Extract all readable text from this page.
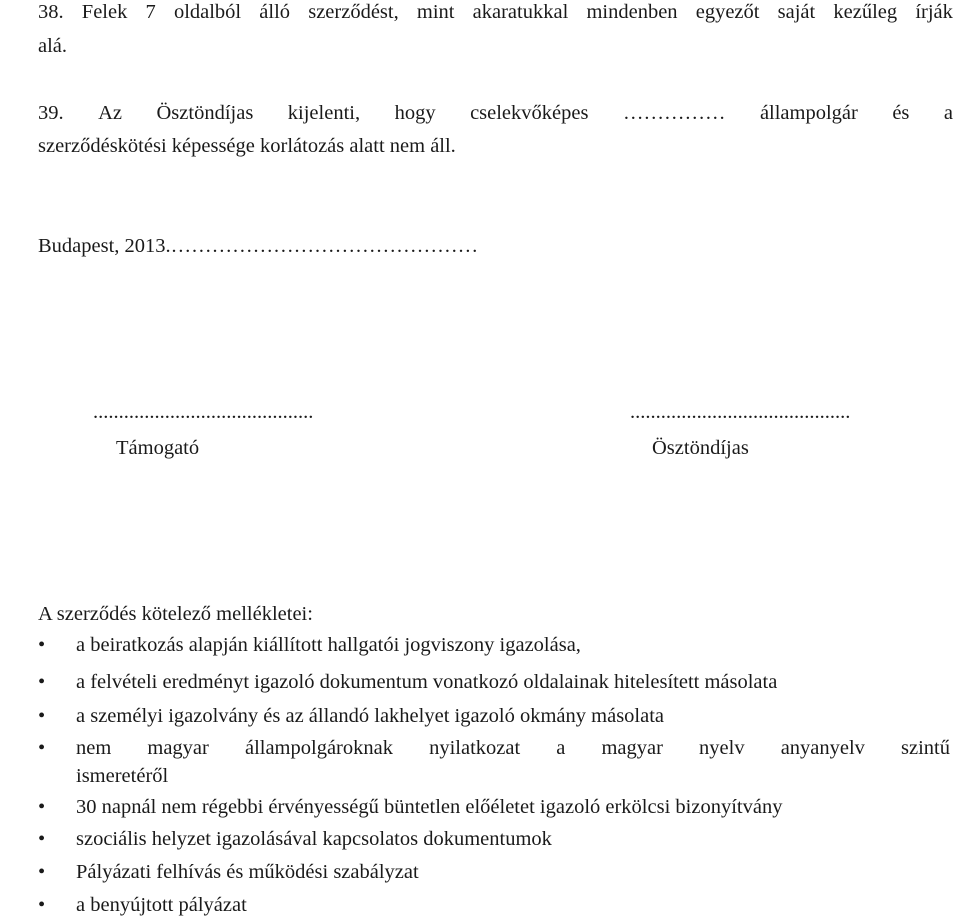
38. Felek 7 oldalból álló szerződést, mint akaratukkal mindenben egyezőt saját kezűleg írják
alá.
39. Az Ösztöndíjas kijelenti, hogy cselekvőképes …………… állampolgár és a
szerződéskötési képessége korlátozás alatt nem áll.
Budapest, 2013.………………………………………
...........................................
Támogató
...........................................
Ösztöndíjas
A szerződés kötelező mellékletei:
• a beiratkozás alapján kiállított hallgatói jogviszony igazolása,
• a felvételi eredményt igazoló dokumentum vonatkozó oldalainak hitelesített másolata
• a személyi igazolvány és az állandó lakhelyet igazoló okmány másolata
• nem magyar állampolgároknak nyilatkozat a magyar nyelv anyanyelv szintű
ismeretéről
• 30 napnál nem régebbi érvényességű büntetlen előéletet igazoló erkölcsi bizonyítvány
• szociális helyzet igazolásával kapcsolatos dokumentumok
• Pályázati felhívás és működési szabályzat
• a benyújtott pályázat
